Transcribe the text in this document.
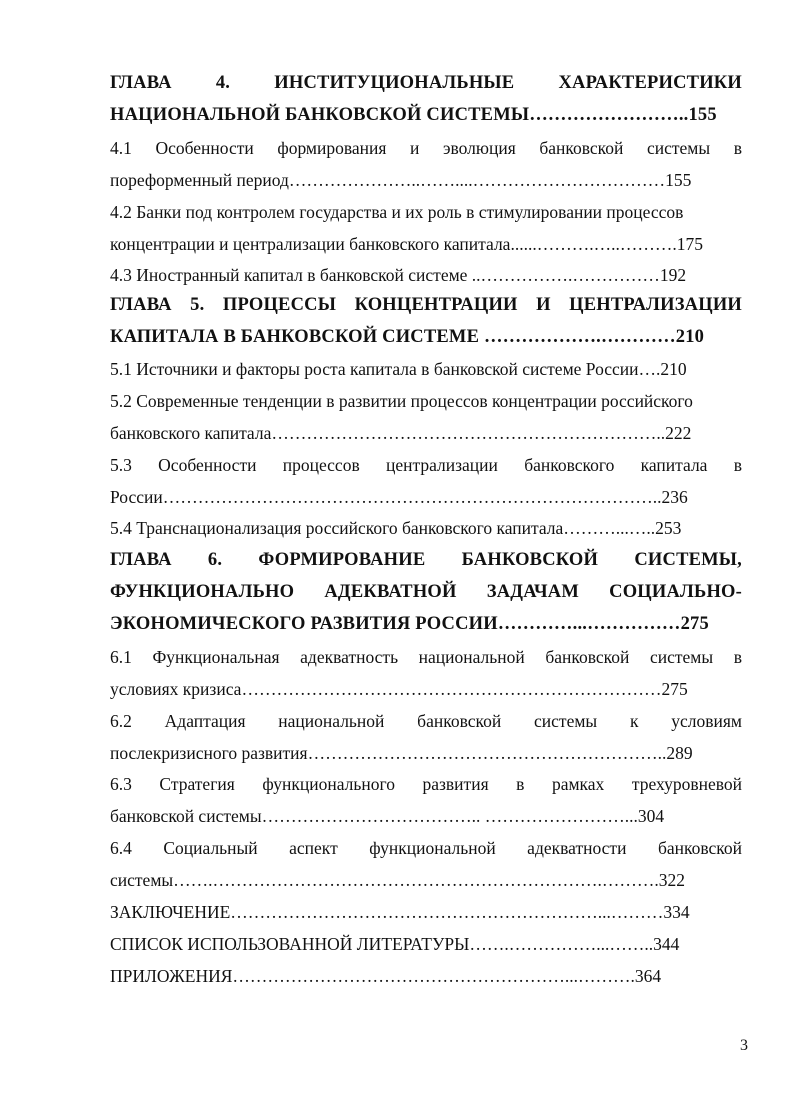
ГЛАВА 4. ИНСТИТУЦИОНАЛЬНЫЕ ХАРАКТЕРИСТИКИ
НАЦИОНАЛЬНОЙ БАНКОВСКОЙ СИСТЕМЫ……………………..155
4.1 Особенности формирования и эволюция банковской системы в
пореформенный период…………………..……....……………………………155
4.2 Банки под контролем государства и их роль в стимулировании процессов
концентрации и централизации банковского капитала......……….…..……….175
4.3 Иностранный капитал в банковской системе ..…………….……………192
ГЛАВА 5. ПРОЦЕССЫ КОНЦЕНТРАЦИИ И ЦЕНТРАЛИЗАЦИИ
КАПИТАЛА В БАНКОВСКОЙ СИСТЕМЕ ……………….…………210
5.1 Источники и факторы роста капитала в банковской системе России….210
5.2 Современные тенденции в развитии процессов концентрации российского
банковского капитала…………………………………………………………..222
5.3 Особенности процессов централизации банковского капитала в
России…………………………………………………………………………..236
5.4 Транснационализация российского банковского капитала………...…..253
ГЛАВА 6. ФОРМИРОВАНИЕ БАНКОВСКОЙ СИСТЕМЫ,
ФУНКЦИОНАЛЬНО АДЕКВАТНОЙ ЗАДАЧАМ СОЦИАЛЬНО-
ЭКОНОМИЧЕСКОГО РАЗВИТИЯ РОССИИ…………...……………275
6.1 Функциональная адекватность национальной банковской системы в
условиях кризиса………………………………………………………………275
6.2 Адаптация национальной банковской системы к условиям
послекризисного развития……………………………………………………..289
6.3 Стратегия функционального развития в рамках трехуровневой
банковской системы……………………………….. ……………………...304
6.4 Социальный аспект функциональной адекватности банковской
системы…….………………………………………………………….……….322
ЗАКЛЮЧЕНИЕ………………………………………………………...………334
СПИСОК ИСПОЛЬЗОВАННОЙ ЛИТЕРАТУРЫ…….……………...……..344
ПРИЛОЖЕНИЯ…………………………………………………...……….364
3
